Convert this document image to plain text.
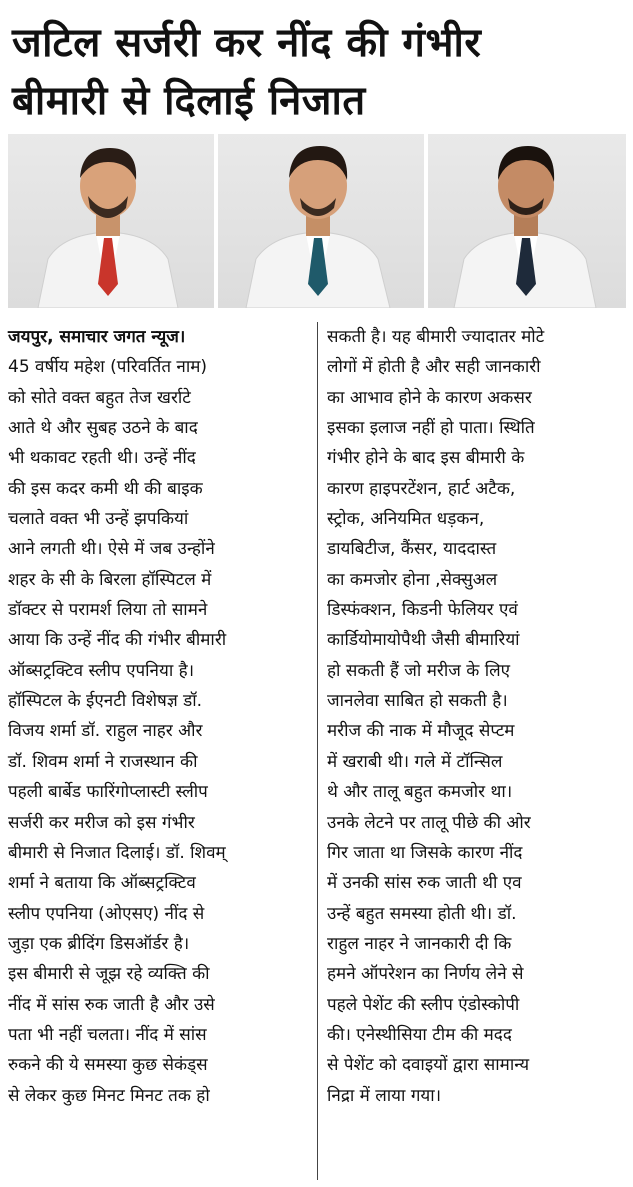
जटिल सर्जरी कर नींद की गंभीर
बीमारी से दिलाई निजात
जयपुर, समाचार जगत न्यूज।
45 वर्षीय महेश (परिवर्तित नाम)
को सोते वक्त बहुत तेज खर्राटे
आते थे और सुबह उठने के बाद
भी थकावट रहती थी। उन्हें नींद
की इस कदर कमी थी की बाइक
चलाते वक्त भी उन्हें झपकियां
आने लगती थी। ऐसे में जब उन्होंने
शहर के सी के बिरला हॉस्पिटल में
डॉक्टर से परामर्श लिया तो सामने
आया कि उन्हें नींद की गंभीर बीमारी
ऑब्सट्रक्टिव स्लीप एपनिया है।
हॉस्पिटल के ईएनटी विशेषज्ञ डॉ.
विजय शर्मा डॉ. राहुल नाहर और
डॉ. शिवम शर्मा ने राजस्थान की
पहली बार्बेड फारिंगोप्लास्टी स्लीप
सर्जरी कर मरीज को इस गंभीर
बीमारी से निजात दिलाई। डॉ. शिवम्
शर्मा ने बताया कि ऑब्सट्रक्टिव
स्लीप एपनिया (ओएसए) नींद से
जुड़ा एक ब्रीदिंग डिसऑर्डर है।
इस बीमारी से जूझ रहे व्यक्ति की
नींद में सांस रुक जाती है और उसे
पता भी नहीं चलता। नींद में सांस
रुकने की ये समस्या कुछ सेकंड्स
से लेकर कुछ मिनट मिनट तक हो
सकती है। यह बीमारी ज्यादातर मोटे
लोगों में होती है और सही जानकारी
का आभाव होने के कारण अकसर
इसका इलाज नहीं हो पाता। स्थिति
गंभीर होने के बाद इस बीमारी के
कारण हाइपरटेंशन, हार्ट अटैक,
स्ट्रोक, अनियमित धड़कन,
डायबिटीज, कैंसर, याददास्त
का कमजोर होना ,सेक्सुअल
डिस्फंक्शन, किडनी फेलियर एवं
कार्डियोमायोपैथी जैसी बीमारियां
हो सकती हैं जो मरीज के लिए
जानलेवा साबित हो सकती है।
मरीज की नाक में मौजूद सेप्टम
में खराबी थी। गले में टॉन्सिल
थे और तालू बहुत कमजोर था।
उनके लेटने पर तालू पीछे की ओर
गिर जाता था जिसके कारण नींद
में उनकी सांस रुक जाती थी एव
उन्हें बहुत समस्या होती थी। डॉ.
राहुल नाहर ने जानकारी दी कि
हमने ऑपरेशन का निर्णय लेने से
पहले पेशेंट की स्लीप एंडोस्कोपी
की। एनेस्थीसिया टीम की मदद
से पेशेंट को दवाइयों द्वारा सामान्य
निद्रा में लाया गया।
